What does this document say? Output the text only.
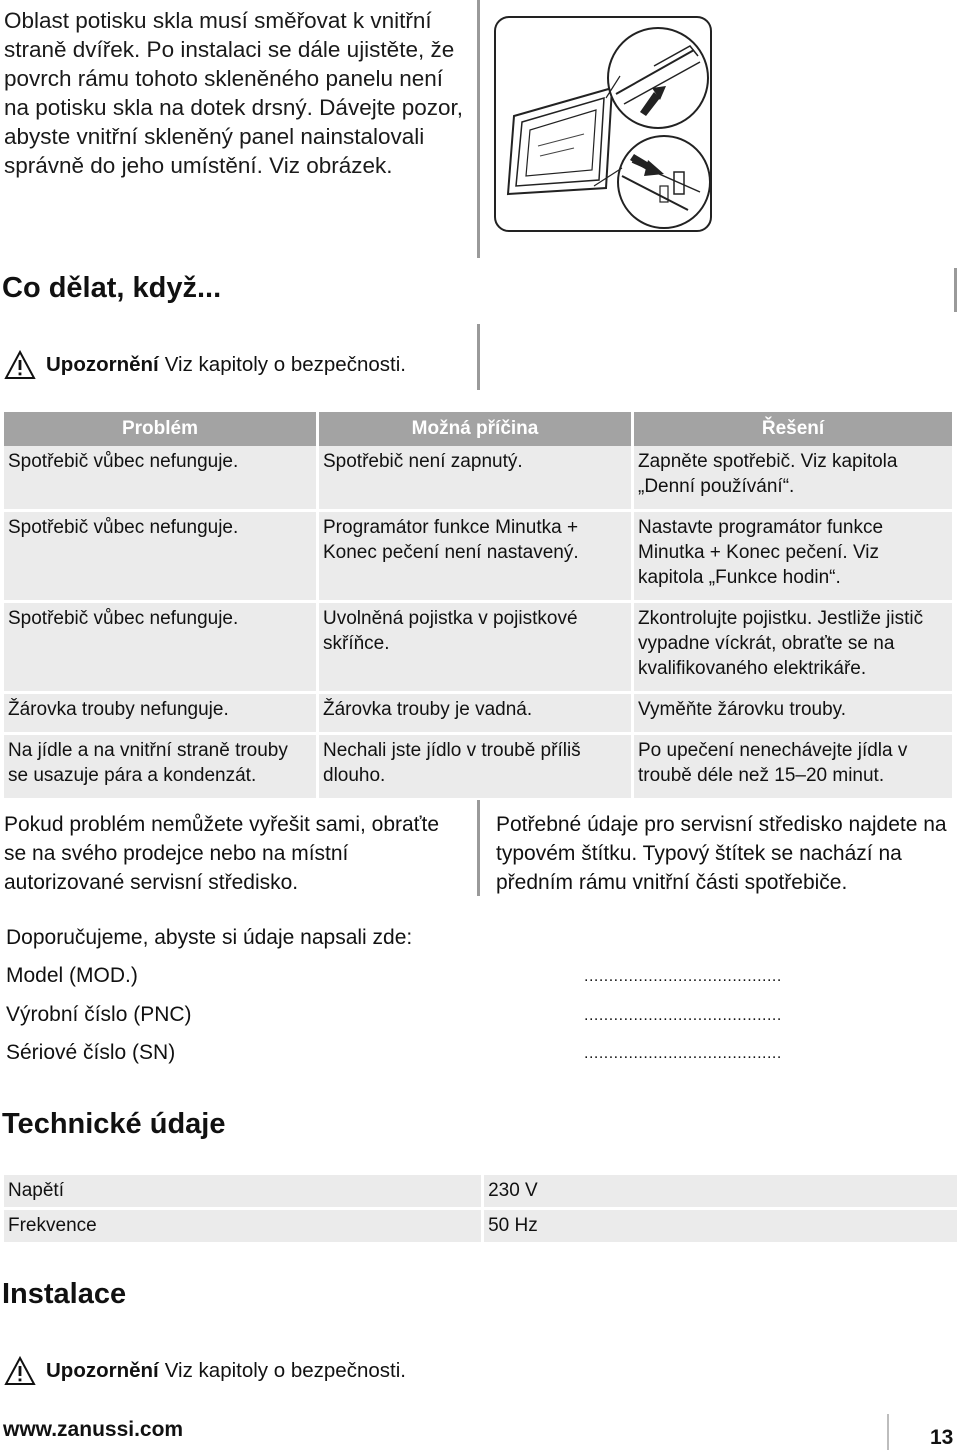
Oblast potisku skla musí směřovat k vnitřní straně dvířek. Po instalaci se dále ujistěte, že povrch rámu tohoto skleněného panelu není na potisku skla na dotek drsný. Dávejte pozor, abyste vnitřní skleněný panel nainstalovali správně do jeho umístění. Viz obrázek.
Co dělat, když...
Upozornění Viz kapitoly o bezpečnosti.
Problém	Možná příčina	Řešení
Spotřebič vůbec nefunguje.	Spotřebič není zapnutý.	Zapněte spotřebič. Viz kapitola „Denní používání“.

Spotřebič vůbec nefunguje.	Programátor funkce Minutka + Konec pečení není nastavený.	Nastavte programátor funkce Minutka + Konec pečení. Viz kapitola „Funkce hodin“.

Spotřebič vůbec nefunguje.	Uvolněná pojistka v pojistkové skříňce.	Zkontrolujte pojistku. Jestliže jistič vypadne víckrát, obraťte se na kvalifikovaného elektrikáře.

Žárovka trouby nefunguje.	Žárovka trouby je vadná.	Vyměňte žárovku trouby.

Na jídle a na vnitřní straně trouby se usazuje pára a kondenzát.	Nechali jste jídlo v troubě příliš dlouho.	Po upečení nenechávejte jídla v troubě déle než 15–20 minut.
Pokud problém nemůžete vyřešit sami, obraťte se na svého prodejce nebo na místní autorizované servisní středisko.
Potřebné údaje pro servisní středisko najdete na typovém štítku. Typový štítek se nachází na předním rámu vnitřní části spotřebiče.
Doporučujeme, abyste si údaje napsali zde:
Model (MOD.)	........................................
Výrobní číslo (PNC)	........................................
Sériové číslo (SN)	........................................
Technické údaje
Napětí	230 V
Frekvence	50 Hz
Instalace
Upozornění Viz kapitoly o bezpečnosti.
www.zanussi.com	13
